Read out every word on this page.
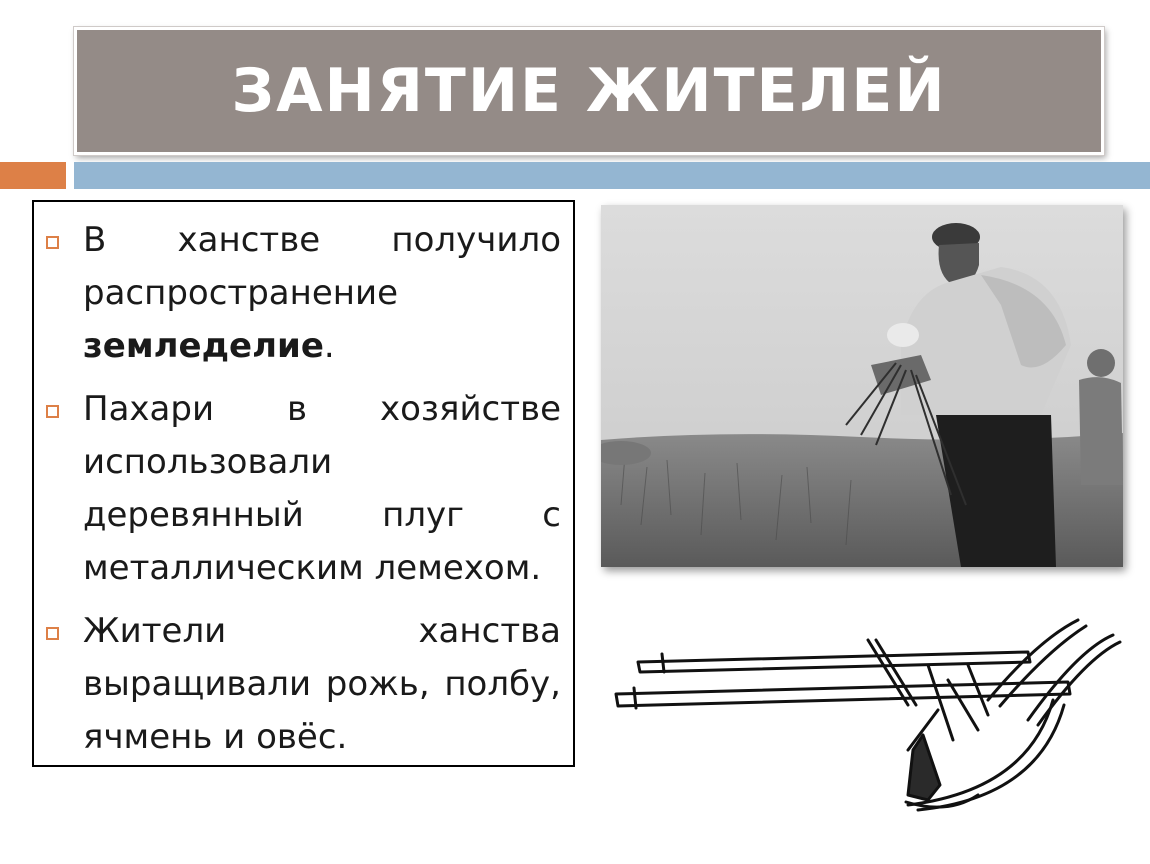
ЗАНЯТИЕ ЖИТЕЛЕЙ
В ханстве получило распространение земледелие.
Пахари в хозяйстве использовали деревянный плуг с металлическим лемехом.
Жители ханства выращивали рожь, полбу, ячмень и овёс.
